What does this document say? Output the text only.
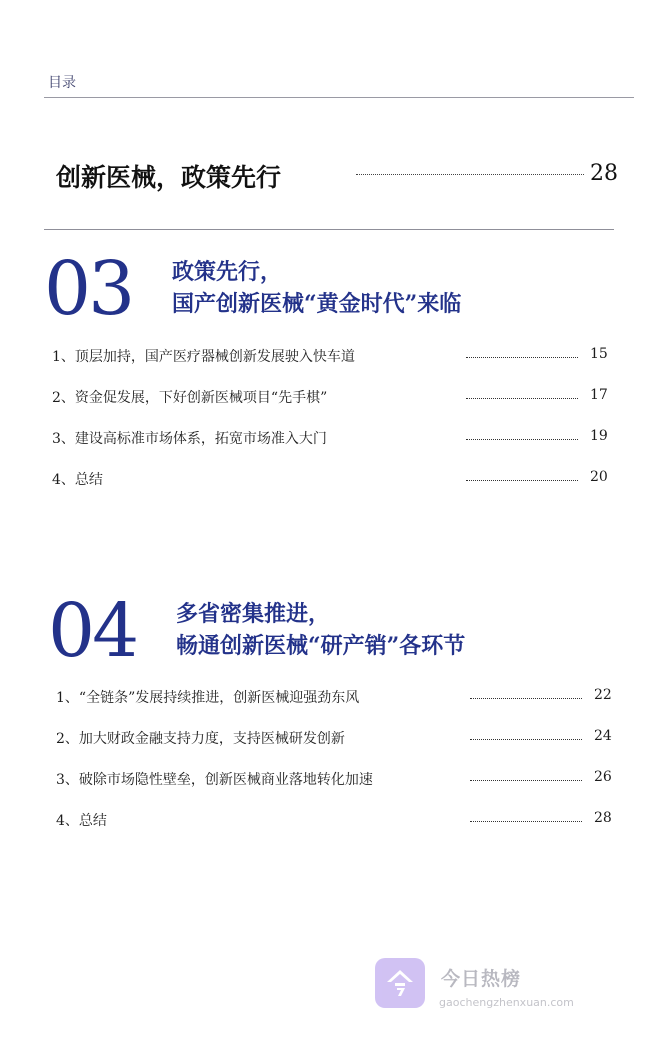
目录
创新医械，政策先行	28
03 政策先行，
国产创新医械“黄金时代”来临
1、顶层加持，国产医疗器械创新发展驶入快车道	15
2、资金促发展，下好创新医械项目“先手棋”	17
3、建设高标准市场体系，拓宽市场准入大门	19
4、总结	20
04 多省密集推进，
畅通创新医械“研产销”各环节
1、“全链条”发展持续推进，创新医械迎强劲东风	22
2、加大财政金融支持力度，支持医械研发创新	24
3、破除市场隐性壁垒，创新医械商业落地转化加速	26
4、总结	28
今日热榜
gaochengzhenxuan.com
